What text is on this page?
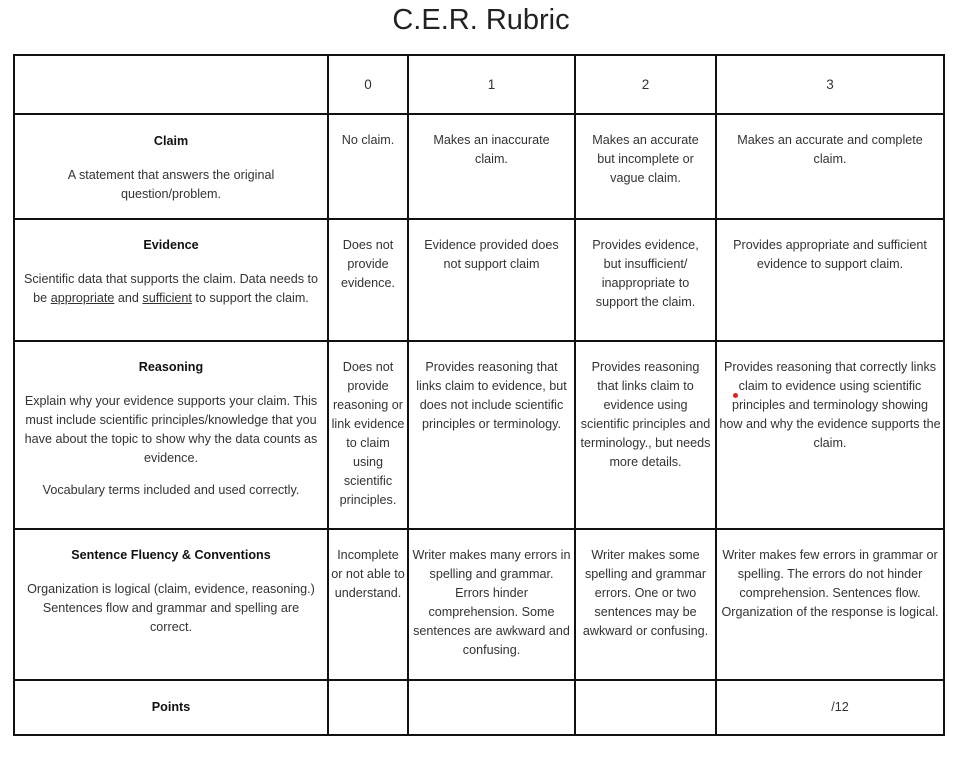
C.E.R. Rubric
	0	1	2	3

Claim
A statement that answers the original question/problem.	No claim.	Makes an inaccurate claim.	Makes an accurate but incomplete or vague claim.	Makes an accurate and complete claim.

Evidence
Scientific data that supports the claim. Data needs to be appropriate and sufficient to support the claim.	Does not provide evidence.	Evidence provided does not support claim	Provides evidence, but insufficient/ inappropriate to support the claim.	Provides appropriate and sufficient evidence to support claim.

Reasoning
Explain why your evidence supports your claim. This must include scientific principles/knowledge that you have about the topic to show why the data counts as evidence.
Vocabulary terms included and used correctly.	Does not provide reasoning or link evidence to claim using scientific principles.	Provides reasoning that links claim to evidence, but does not include scientific principles or terminology.	Provides reasoning that links claim to evidence using scientific principles and terminology., but needs more details.	Provides reasoning that correctly links claim to evidence using scientific principles and terminology showing how and why the evidence supports the claim.

Sentence Fluency & Conventions
Organization is logical (claim, evidence, reasoning.) Sentences flow and grammar and spelling are correct.	Incomplete or not able to understand.	Writer makes many errors in spelling and grammar. Errors hinder comprehension. Some sentences are awkward and confusing.	Writer makes some spelling and grammar errors. One or two sentences may be awkward or confusing.	Writer makes few errors in grammar or spelling. The errors do not hinder comprehension. Sentences flow. Organization of the response is logical.

Points				/12
